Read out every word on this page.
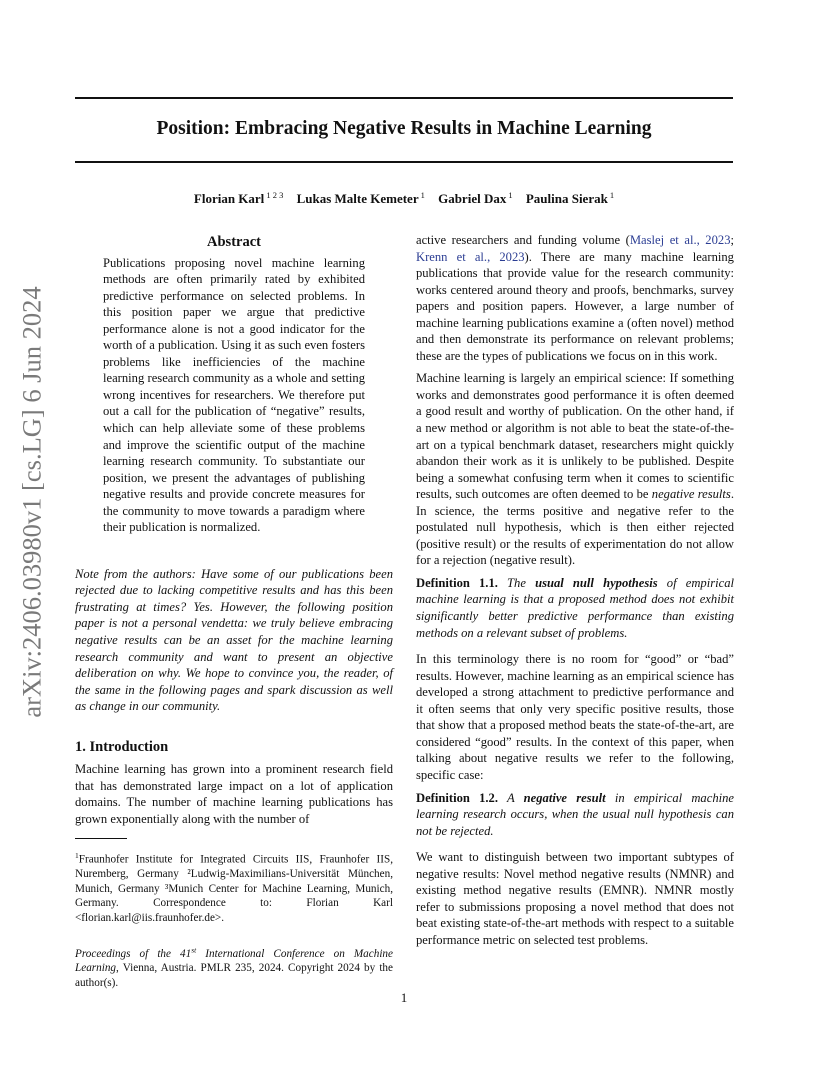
Position: Embracing Negative Results in Machine Learning
Florian Karl $^{1 2 3}$ Lukas Malte Kemeter $^1$ Gabriel Dax $^1$ Paulina Sierak $^1$
arXiv:2406.03980v1 [cs.LG] 6 Jun 2024
Abstract
Publications proposing novel machine learning methods are often primarily rated by exhibited predictive performance on selected problems. In this position paper we argue that predictive performance alone is not a good indicator for the worth of a publication. Using it as such even fosters problems like inefficiencies of the machine learning research community as a whole and setting wrong incentives for researchers. We therefore put out a call for the publication of “negative” results, which can help alleviate some of these problems and improve the scientific output of the machine learning research community. To substantiate our position, we present the advantages of publishing negative results and provide concrete measures for the community to move towards a paradigm where their publication is normalized.
Note from the authors: Have some of our publications been rejected due to lacking competitive results and has this been frustrating at times? Yes. However, the following position paper is not a personal vendetta: we truly believe embracing negative results can be an asset for the machine learning research community and want to present an objective deliberation on why. We hope to convince you, the reader, of the same in the following pages and spark discussion as well as change in our community.
1. Introduction
Machine learning has grown into a prominent research field that has demonstrated large impact on a lot of application domains. The number of machine learning publications has grown exponentially along with the number of
$^1$Fraunhofer Institute for Integrated Circuits IIS, Fraunhofer IIS, Nuremberg, Germany ²Ludwig-Maximilians-Universität München, Munich, Germany ³Munich Center for Machine Learning, Munich, Germany. Correspondence to: Florian Karl <florian.karl@iis.fraunhofer.de>.
Proceedings of the 41st International Conference on Machine Learning, Vienna, Austria. PMLR 235, 2024. Copyright 2024 by the author(s).
active researchers and funding volume (Maslej et al., 2023; Krenn et al., 2023). There are many machine learning publications that provide value for the research community: works centered around theory and proofs, benchmarks, survey papers and position papers. However, a large number of machine learning publications examine a (often novel) method and then demonstrate its performance on relevant problems; these are the types of publications we focus on in this work.
Machine learning is largely an empirical science: If something works and demonstrates good performance it is often deemed a good result and worthy of publication. On the other hand, if a new method or algorithm is not able to beat the state-of-the-art on a typical benchmark dataset, researchers might quickly abandon their work as it is unlikely to be published. Despite being a somewhat confusing term when it comes to scientific results, such outcomes are often deemed to be negative results. In science, the terms positive and negative refer to the postulated null hypothesis, which is then either rejected (positive result) or the results of experimentation do not allow for a rejection (negative result).
Definition 1.1. The usual null hypothesis of empirical machine learning is that a proposed method does not exhibit significantly better predictive performance than existing methods on a relevant subset of problems.
In this terminology there is no room for “good” or “bad” results. However, machine learning as an empirical science has developed a strong attachment to predictive performance and it often seems that only very specific positive results, those that show that a proposed method beats the state-of-the-art, are considered “good” results. In the context of this paper, when talking about negative results we refer to the following, specific case:
Definition 1.2. A negative result in empirical machine learning research occurs, when the usual null hypothesis can not be rejected.
We want to distinguish between two important subtypes of negative results: Novel method negative results (NMNR) and existing method negative results (EMNR). NMNR mostly refer to submissions proposing a novel method that does not beat existing state-of-the-art methods with respect to a suitable performance metric on selected test problems.
1
